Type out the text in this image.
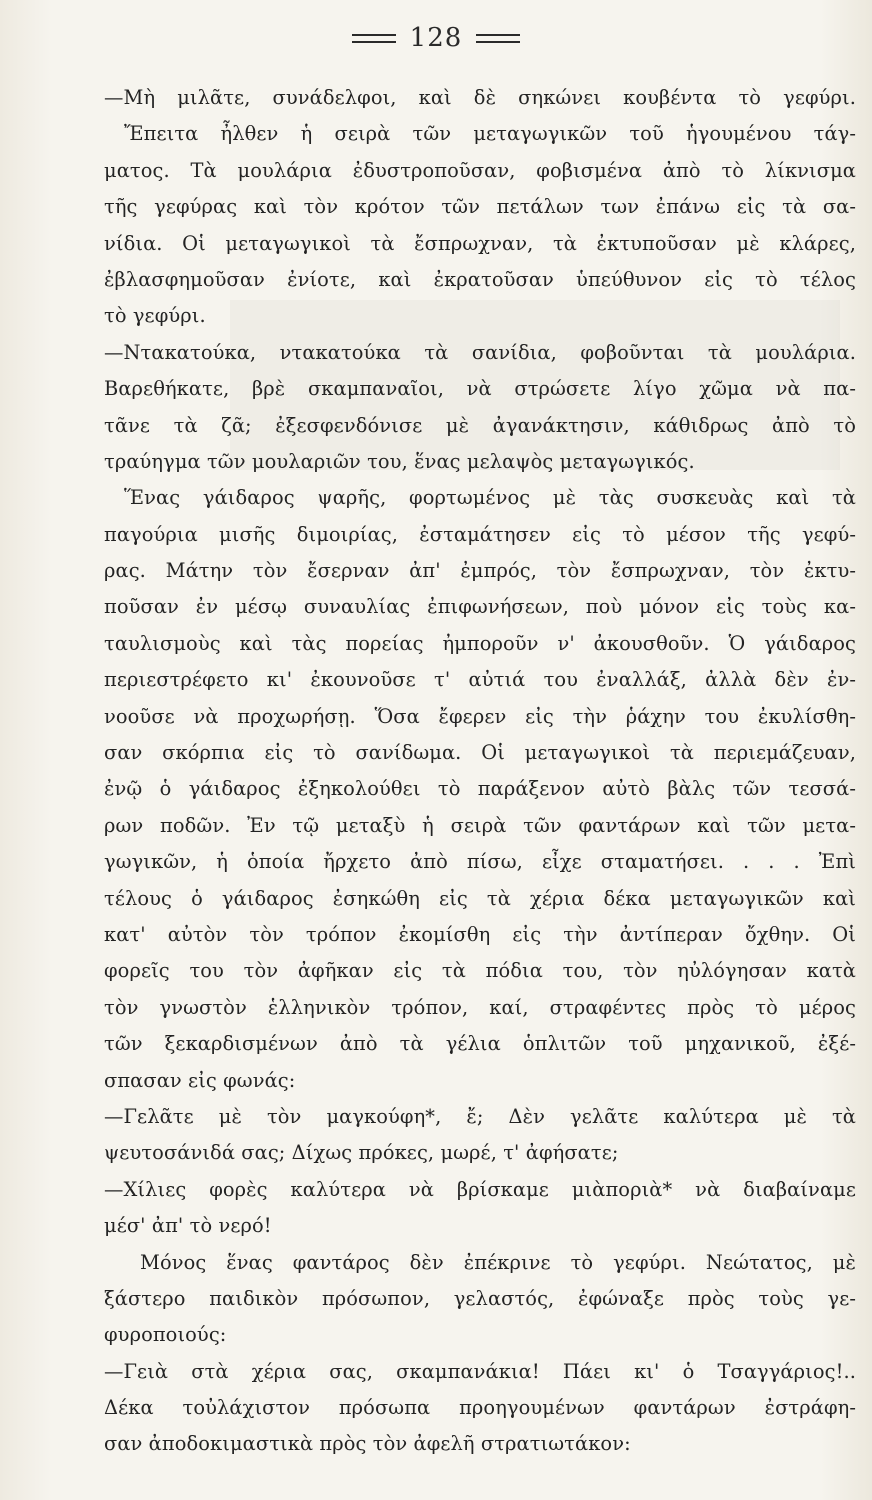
128
—Μὴ μιλᾶτε, συνάδελφοι, καὶ δὲ σηκώνει κουβέντα τὸ γεφύρι.
Ἔπειτα ἦλθεν ἡ σειρὰ τῶν μεταγωγικῶν τοῦ ἡγουμένου τάγ-
ματος. Τὰ μουλάρια ἐδυστροποῦσαν, φοβισμένα ἀπὸ τὸ λίκνισμα
τῆς γεφύρας καὶ τὸν κρότον τῶν πετάλων των ἐπάνω εἰς τὰ σα-
νίδια. Οἱ μεταγωγικοὶ τὰ ἔσπρωχναν, τὰ ἐκτυποῦσαν μὲ κλάρες,
ἐβλασφημοῦσαν ἐνίοτε, καὶ ἐκρατοῦσαν ὑπεύθυνον εἰς τὸ τέλος
τὸ γεφύρι.
—Ντακατούκα, ντακατούκα τὰ σανίδια, φοβοῦνται τὰ μουλάρια.
Βαρεθήκατε, βρὲ σκαμπαναῖοι, νὰ στρώσετε λίγο χῶμα νὰ πα-
τᾶνε τὰ ζᾶ; ἐξεσφενδόνισε μὲ ἀγανάκτησιν, κάθιδρως ἀπὸ τὸ
τραύηγμα τῶν μουλαριῶν του, ἕνας μελαψὸς μεταγωγικός.
Ἕνας γάιδαρος ψαρῆς, φορτωμένος μὲ τὰς συσκευὰς καὶ τὰ
παγούρια μισῆς διμοιρίας, ἐσταμάτησεν εἰς τὸ μέσον τῆς γεφύ-
ρας. Μάτην τὸν ἔσερναν ἀπ' ἐμπρός, τὸν ἔσπρωχναν, τὸν ἐκτυ-
ποῦσαν ἐν μέσῳ συναυλίας ἐπιφωνήσεων, ποὺ μόνον εἰς τοὺς κα-
ταυλισμοὺς καὶ τὰς πορείας ἠμποροῦν ν' ἀκουσθοῦν. Ὁ γάιδαρος
περιεστρέφετο κι' ἐκουνοῦσε τ' αὐτιά του ἐναλλάξ, ἀλλὰ δὲν ἐν-
νοοῦσε νὰ προχωρήσῃ. Ὅσα ἔφερεν εἰς τὴν ῥάχην του ἐκυλίσθη-
σαν σκόρπια εἰς τὸ σανίδωμα. Οἱ μεταγωγικοὶ τὰ περιεμάζευαν,
ἐνῷ ὁ γάιδαρος ἐξηκολούθει τὸ παράξενον αὐτὸ βὰλς τῶν τεσσά-
ρων ποδῶν. Ἐν τῷ μεταξὺ ἡ σειρὰ τῶν φαντάρων καὶ τῶν μετα-
γωγικῶν, ἡ ὁποία ἤρχετο ἀπὸ πίσω, εἶχε σταματήσει. . . . Ἐπὶ
τέλους ὁ γάιδαρος ἐσηκώθη εἰς τὰ χέρια δέκα μεταγωγικῶν καὶ
κατ' αὐτὸν τὸν τρόπον ἐκομίσθη εἰς τὴν ἀντίπεραν ὄχθην. Οἱ
φορεῖς του τὸν ἀφῆκαν εἰς τὰ πόδια του, τὸν ηὐλόγησαν κατὰ
τὸν γνωστὸν ἑλληνικὸν τρόπον, καί, στραφέντες πρὸς τὸ μέρος
τῶν ξεκαρδισμένων ἀπὸ τὰ γέλια ὁπλιτῶν τοῦ μηχανικοῦ, ἐξέ-
σπασαν εἰς φωνάς:
—Γελᾶτε μὲ τὸν μαγκούφη*, ἔ; Δὲν γελᾶτε καλύτερα μὲ τὰ
ψευτοσάνιδά σας; Δίχως πρόκες, μωρέ, τ' ἀφήσατε;
—Χίλιες φορὲς καλύτερα νὰ βρίσκαμε μιὰποριὰ* νὰ διαβαίναμε
μέσ' ἀπ' τὸ νερό!
Μόνος ἕνας φαντάρος δὲν ἐπέκρινε τὸ γεφύρι. Νεώτατος, μὲ
ξάστερο παιδικὸν πρόσωπον, γελαστός, ἐφώναξε πρὸς τοὺς γε-
φυροποιούς:
—Γειὰ στὰ χέρια σας, σκαμπανάκια! Πάει κι' ὁ Τσαγγάριος!..
Δέκα τοὐλάχιστον πρόσωπα προηγουμένων φαντάρων ἐστράφη-
σαν ἀποδοκιμαστικὰ πρὸς τὸν ἀφελῆ στρατιωτάκον:
